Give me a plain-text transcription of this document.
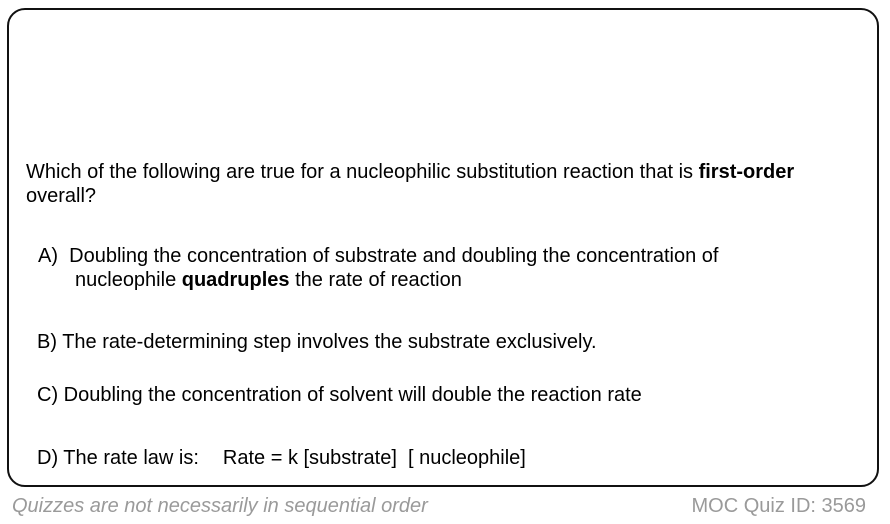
Which of the following are true for a nucleophilic substitution reaction that is first-order overall?
A) Doubling the concentration of substrate and doubling the concentration of
nucleophile quadruples the rate of reaction
B) The rate-determining step involves the substrate exclusively.
C) Doubling the concentration of solvent will double the reaction rate
D) The rate law is: Rate = k [substrate]  [ nucleophile]
Quizzes are not necessarily in sequential order	MOC Quiz ID: 3569
